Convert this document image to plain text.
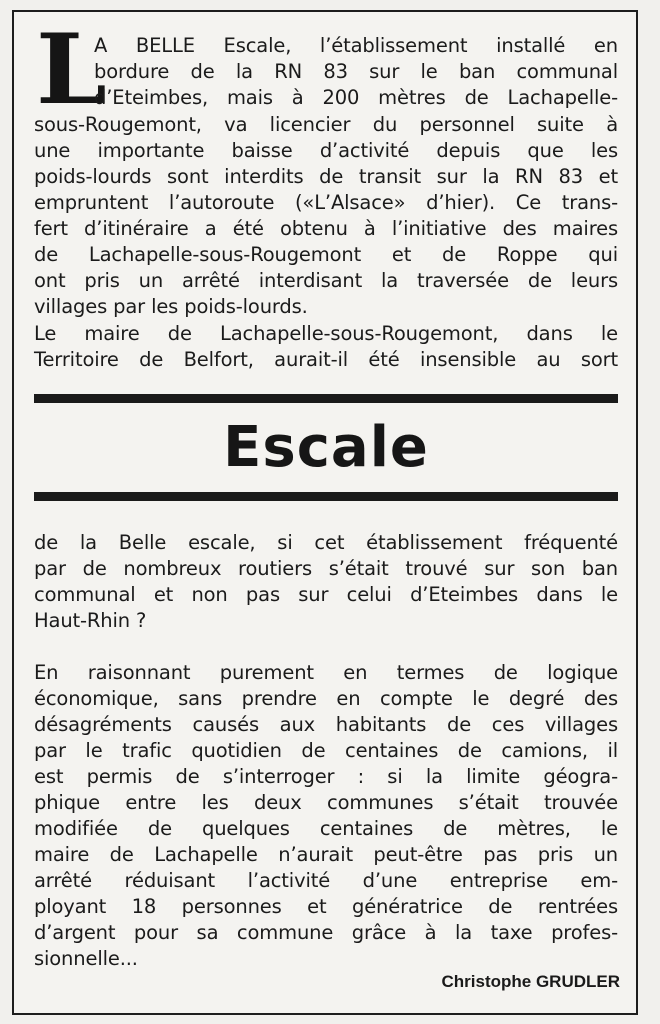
L
A BELLE Escale, l’établissement installé en
bordure de la RN 83 sur le ban communal
d’Eteimbes, mais à 200 mètres de Lachapelle-
sous-Rougemont, va licencier du personnel suite à
une importante baisse d’activité depuis que les
poids-lourds sont interdits de transit sur la RN 83 et
empruntent l’autoroute («L’Alsace» d’hier). Ce trans-
fert d’itinéraire a été obtenu à l’initiative des maires
de Lachapelle-sous-Rougemont et de Roppe qui
ont pris un arrêté interdisant la traversée de leurs
villages par les poids-lourds.
Le maire de Lachapelle-sous-Rougemont, dans le
Territoire de Belfort, aurait-il été insensible au sort
Escale
de la Belle escale, si cet établissement fréquenté
par de nombreux routiers s’était trouvé sur son ban
communal et non pas sur celui d’Eteimbes dans le
Haut-Rhin ?
En raisonnant purement en termes de logique
économique, sans prendre en compte le degré des
désagréments causés aux habitants de ces villages
par le trafic quotidien de centaines de camions, il
est permis de s’interroger : si la limite géogra-
phique entre les deux communes s’était trouvée
modifiée de quelques centaines de mètres, le
maire de Lachapelle n’aurait peut-être pas pris un
arrêté réduisant l’activité d’une entreprise em-
ployant 18 personnes et génératrice de rentrées
d’argent pour sa commune grâce à la taxe profes-
sionnelle...
Christophe GRUDLER
